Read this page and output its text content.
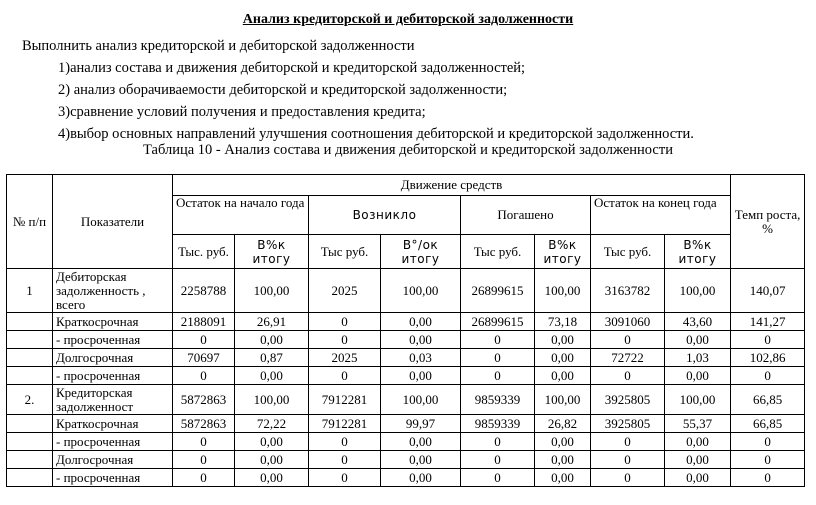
Анализ кредиторской и дебиторской задолженности
Выполнить анализ кредиторской и дебиторской задолженности
1)анализ состава и движения дебиторской и кредиторской задолженностей;
2) анализ оборачиваемости дебиторской и кредиторской задолженности;
3)сравнение условий получения и предоставления кредита;
4)выбор основных направлений улучшения соотношения дебиторской и кредиторской задолженности.
Таблица 10 - Анализ состава и движения дебиторской и кредиторской задолженности
№ п/п	Показатели	Движение средств								Темп роста, %
		Остаток на начало года		Возникло		Погашено		Остаток на конец года		
		Тыс. руб.	В%к итогу	Тыс руб.	В°/ок итогу	Тыс руб.	В%к итогу	Тыс руб.	В%к итогу	
1	Дебиторская задолженность , всего	2258788	100,00	2025	100,00	26899615	100,00	3163782	100,00	140,07
	Краткосрочная	2188091	26,91	0	0,00	26899615	73,18	3091060	43,60	141,27
	- просроченная	0	0,00	0	0,00	0	0,00	0	0,00	0
	Долгосрочная	70697	0,87	2025	0,03	0	0,00	72722	1,03	102,86
	- просроченная	0	0,00	0	0,00	0	0,00	0	0,00	0
2.	Кредиторская задолженност	5872863	100,00	7912281	100,00	9859339	100,00	3925805	100,00	66,85
	Краткосрочная	5872863	72,22	7912281	99,97	9859339	26,82	3925805	55,37	66,85
	- просроченная	0	0,00	0	0,00	0	0,00	0	0,00	0
	Долгосрочная	0	0,00	0	0,00	0	0,00	0	0,00	0
	- просроченная	0	0,00	0	0,00	0	0,00	0	0,00	0
